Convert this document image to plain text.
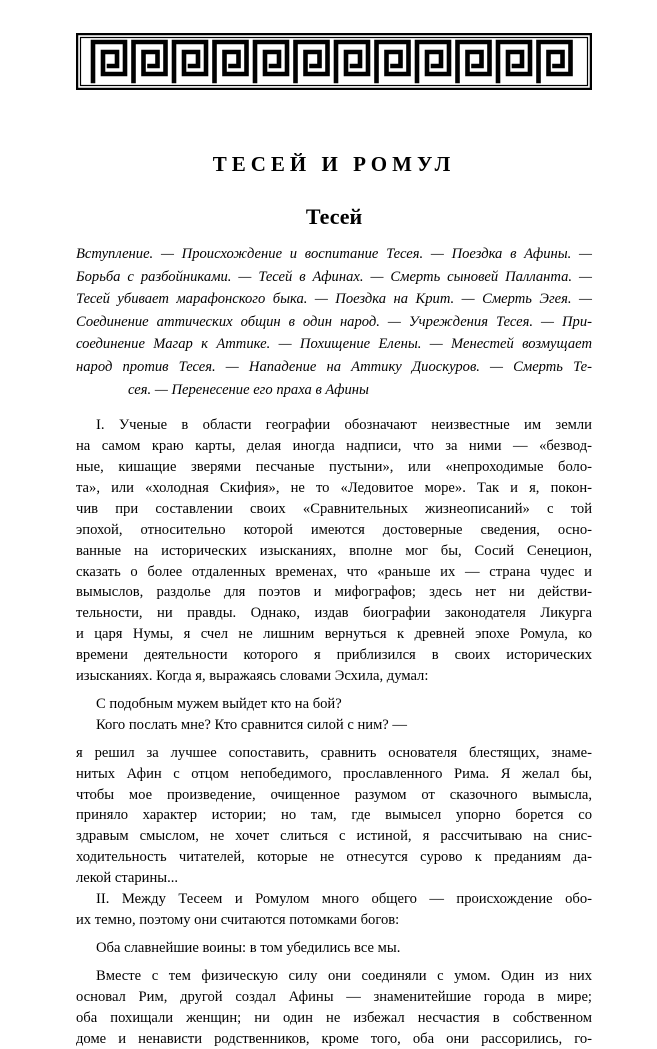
ТЕСЕЙ И РОМУЛ
Тесей
Вступление. — Происхождение и воспитание Тесея. — Поездка в Афины. —
Борьба с разбойниками. — Тесей в Афинах. — Смерть сыновей Палланта. —
Тесей убивает марафонского быка. — Поездка на Крит. — Смерть Эгея. —
Соединение аттических общин в один народ. — Учреждения Тесея. — При-
соединение Магар к Аттике. — Похищение Елены. — Менестей возмущает
народ против Тесея. — Нападение на Аттику Диоскуров. — Смерть Те-
сея. — Перенесение его праха в Афины
I. Ученые в области географии обозначают неизвестные им земли
на самом краю карты, делая иногда надписи, что за ними — «безвод-
ные, кишащие зверями песчаные пустыни», или «непроходимые боло-
та», или «холодная Скифия», не то «Ледовитое море». Так и я, покон-
чив при составлении своих «Сравнительных жизнеописаний» с той
эпохой, относительно которой имеются достоверные сведения, осно-
ванные на исторических изысканиях, вполне мог бы, Сосий Сенецион,
сказать о более отдаленных временах, что «раньше их — страна чудес и
вымыслов, раздолье для поэтов и мифографов; здесь нет ни действи-
тельности, ни правды. Однако, издав биографии законодателя Ликурга
и царя Нумы, я счел не лишним вернуться к древней эпохе Ромула, ко
времени деятельности которого я приблизился в своих исторических
изысканиях. Когда я, выражаясь словами Эсхила, думал:
С подобным мужем выйдет кто на бой?
Кого послать мне? Кто сравнится силой с ним? —
я решил за лучшее сопоставить, сравнить основателя блестящих, знаме-
нитых Афин с отцом непобедимого, прославленного Рима. Я желал бы,
чтобы мое произведение, очищенное разумом от сказочного вымысла,
приняло характер истории; но там, где вымысел упорно борется со
здравым смыслом, не хочет слиться с истиной, я рассчитываю на снис-
ходительность читателей, которые не отнесутся сурово к преданиям да-
лекой старины...
II. Между Тесеем и Ромулом много общего — происхождение обо-
их темно, поэтому они считаются потомками богов:
Оба славнейшие воины: в том убедились все мы.
Вместе с тем физическую силу они соединяли с умом. Один из них
основал Рим, другой создал Афины — знаменитейшие города в мире;
оба похищали женщин; ни один не избежал несчастия в собственном
доме и ненависти родственников, кроме того, оба они рассорились, го-
